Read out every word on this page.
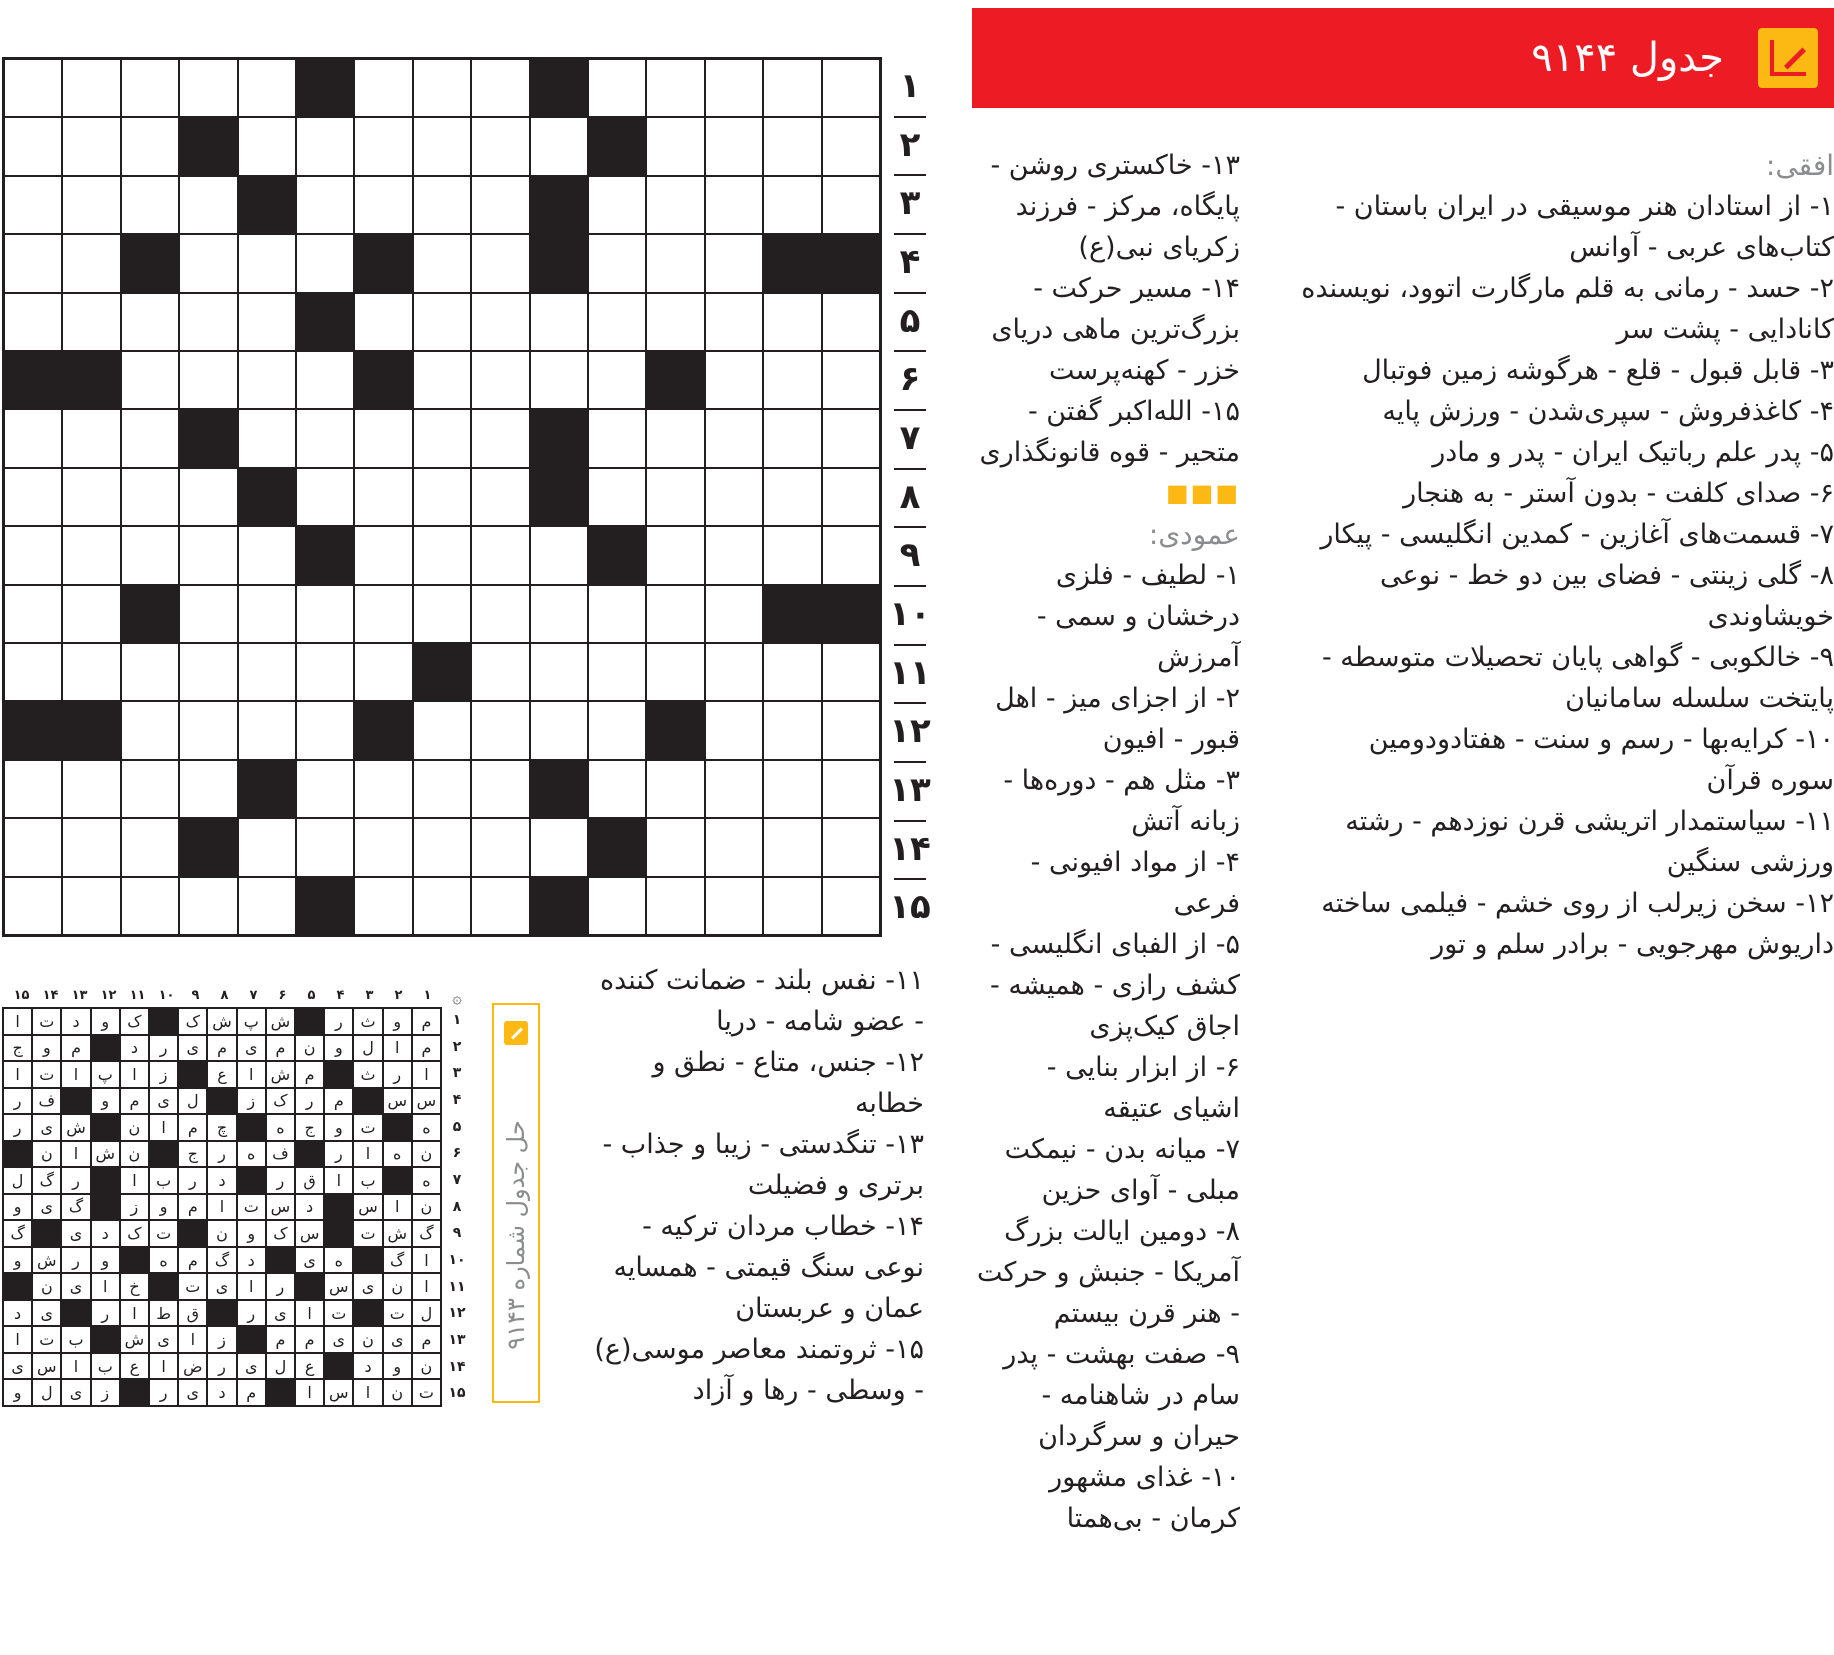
۱
۲
۳
۴
۵
۶
۷
۸
۹
۱۰
۱۱
۱۲
۱۳
۱۴
۱۵
جدول ۹۱۴۴
افقی:
۱- از استادان هنر موسیقی در ایران باستان - کتاب‌های عربی - آوانس
۲- حسد - رمانی به قلم مارگارت اتوود، نویسنده کانادایی - پشت سر
۳- قابل قبول - قلع - هرگوشه زمین فوتبال
۴- کاغذفروش - سپری‌شدن - ورزش پایه
۵- پدر علم رباتیک ایران - پدر و مادر
۶- صدای کلفت - بدون آستر - به هنجار
۷- قسمت‌های آغازین - کمدین انگلیسی - پیکار
۸- گلی زینتی - فضای بین دو خط - نوعی خویشاوندی
۹- خالکوبی - گواهی پایان تحصیلات متوسطه - پایتخت سلسله سامانیان
۱۰- کرایه‌بها - رسم و سنت - هفتادودومین سوره قرآن
۱۱- سیاستمدار اتریشی قرن نوزدهم - رشته ورزشی سنگین
۱۲- سخن زیرلب از روی خشم - فیلمی ساخته داریوش مهرجویی - برادر سلم و تور
۱۳- خاکستری روشن - پایگاه، مرکز - فرزند زکریای نبی(ع)
۱۴- مسیر حرکت - بزرگ‌ترین ماهی دریای خزر - کهنه‌پرست
۱۵- الله‌اکبر گفتن - متحیر - قوه قانونگذاری
■■■
عمودی:
۱- لطیف - فلزی درخشان و سمی - آمرزش
۲- از اجزای میز - اهل قبور - افیون
۳- مثل هم - دوره‌ها - زبانه آتش
۴- از مواد افیونی - فرعی
۵- از الفبای انگلیسی - کشف رازی - همیشه - اجاق کیک‌پزی
۶- از ابزار بنایی - اشیای عتیقه
۷- میانه بدن - نیمکت مبلی - آوای حزین
۸- دومین ایالت بزرگ آمریکا - جنبش و حرکت - هنر قرن بیستم
۹- صفت بهشت - پدر سام در شاهنامه - حیران و سرگردان
۱۰- غذای مشهور کرمان - بی‌همتا
۱۱- نفس بلند - ضمانت کننده - عضو شامه - دریا
۱۲- جنس، متاع - نطق و خطابه
۱۳- تنگدستی - زیبا و جذاب - برتری و فضیلت
۱۴- خطاب مردان ترکیه - نوعی سنگ قیمتی - همسایه عمان و عربستان
۱۵- ثروتمند معاصر موسی(ع) - وسطی - رها و آزاد
حل جدول شماره ۹۱۴۳
۞
۱
۲
۳
۴
۵
۶
۷
۸
۹
۱۰
۱۱
۱۲
۱۳
۱۴
۱۵
۱
۲
۳
۴
۵
۶
۷
۸
۹
۱۰
۱۱
۱۲
۱۳
۱۴
۱۵
م
و
ث
ر
ش
پ
ش
ک
ک
و
د
ت
ا
م
ا
ل
و
ن
م
ی
م
ی
ر
د
م
و
ج
ا
ر
ث
م
ش
ا
ع
ز
ا
پ
ا
ت
ا
س
س
م
ر
ک
ز
ل
ی
م
و
ف
ر
ه
ت
و
ج
ه
چ
م
ا
ن
ش
ی
ر
ن
ه
ا
ر
ف
ه
ر
ج
ن
ش
ا
ن
ه
ب
ا
ق
ر
د
ر
ب
ا
ر
گ
ل
ن
ا
س
د
س
ت
ا
م
و
ز
گ
ی
و
گ
ش
ت
س
ک
و
ن
ت
ک
د
ی
گ
ا
گ
ه
ی
د
گ
م
ه
و
ر
ش
و
ا
ن
ی
س
ر
ا
ی
ت
خ
ا
ی
ن
ل
ت
ت
ا
ی
ر
ق
ط
ا
ر
ی
د
م
ی
ن
ی
م
م
ز
ا
ی
ش
ب
ت
ا
ن
و
د
ع
ل
ی
ر
ض
ا
ع
ب
ا
س
ی
ت
ن
ا
س
ا
م
د
ی
ر
ز
ی
ل
و
